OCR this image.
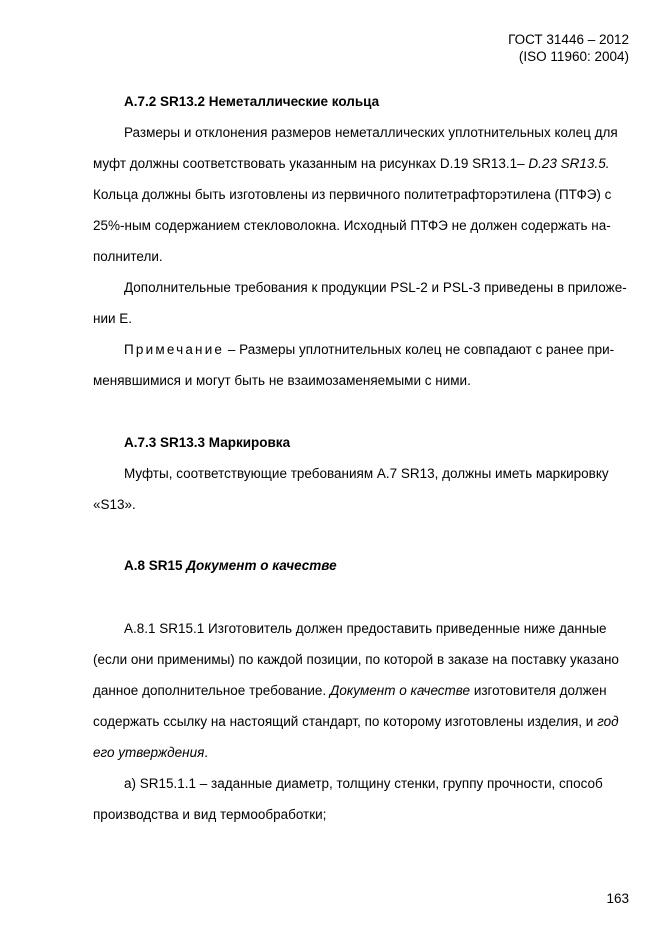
ГОСТ 31446 – 2012
(ISO 11960: 2004)
A.7.2 SR13.2 Неметаллические кольца
Размеры и отклонения размеров неметаллических уплотнительных колец для
муфт должны соответствовать указанным на рисунках D.19 SR13.1– D.23 SR13.5.
Кольца должны быть изготовлены из первичного политетрафторэтилена (ПТФЭ) с
25%-ным содержанием стекловолокна. Исходный ПТФЭ не должен содержать на-
полнители.
Дополнительные требования к продукции PSL-2 и PSL-3 приведены в приложе-
нии E.
Примечание – Размеры уплотнительных колец не совпадают с ранее при-
менявшимися и могут быть не взаимозаменяемыми с ними.
A.7.3 SR13.3 Маркировка
Муфты, соответствующие требованиям A.7 SR13, должны иметь маркировку
«S13».
A.8 SR15 Документ о качестве
A.8.1 SR15.1 Изготовитель должен предоставить приведенные ниже данные
(если они применимы) по каждой позиции, по которой в заказе на поставку указано
данное дополнительное требование. Документ о качестве изготовителя должен
содержать ссылку на настоящий стандарт, по которому изготовлены изделия, и год
его утверждения.
а) SR15.1.1 – заданные диаметр, толщину стенки, группу прочности, способ
производства и вид термообработки;
163
